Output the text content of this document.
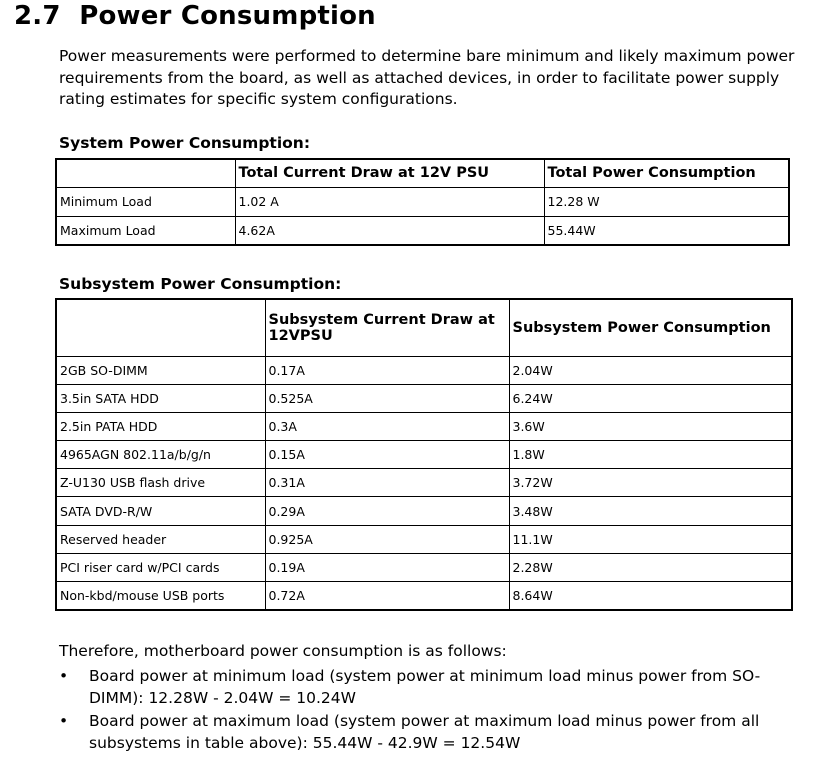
2.7 Power Consumption

Power measurements were performed to determine bare minimum and likely maximum power requirements from the board, as well as attached devices, in order to facilitate power supply rating estimates for specific system configurations.

System Power Consumption:
	Total Current Draw at 12V PSU	Total Power Consumption
Minimum Load	1.02 A	12.28 W
Maximum Load	4.62A	55.44W
Subsystem Power Consumption:
	Subsystem Current Draw at 12VPSU	Subsystem Power Consumption
2GB SO-DIMM	0.17A	2.04W
3.5in SATA HDD	0.525A	6.24W
2.5in PATA HDD	0.3A	3.6W
4965AGN 802.11a/b/g/n	0.15A	1.8W
Z-U130 USB flash drive	0.31A	3.72W
SATA DVD-R/W	0.29A	3.48W
Reserved header	0.925A	11.1W
PCI riser card w/PCI cards	0.19A	2.28W
Non-kbd/mouse USB ports	0.72A	8.64W

Therefore, motherboard power consumption is as follows:

• Board power at minimum load (system power at minimum load minus power from SO-DIMM): 12.28W - 2.04W = 10.24W
• Board power at maximum load (system power at maximum load minus power from all subsystems in table above): 55.44W - 42.9W = 12.54W
